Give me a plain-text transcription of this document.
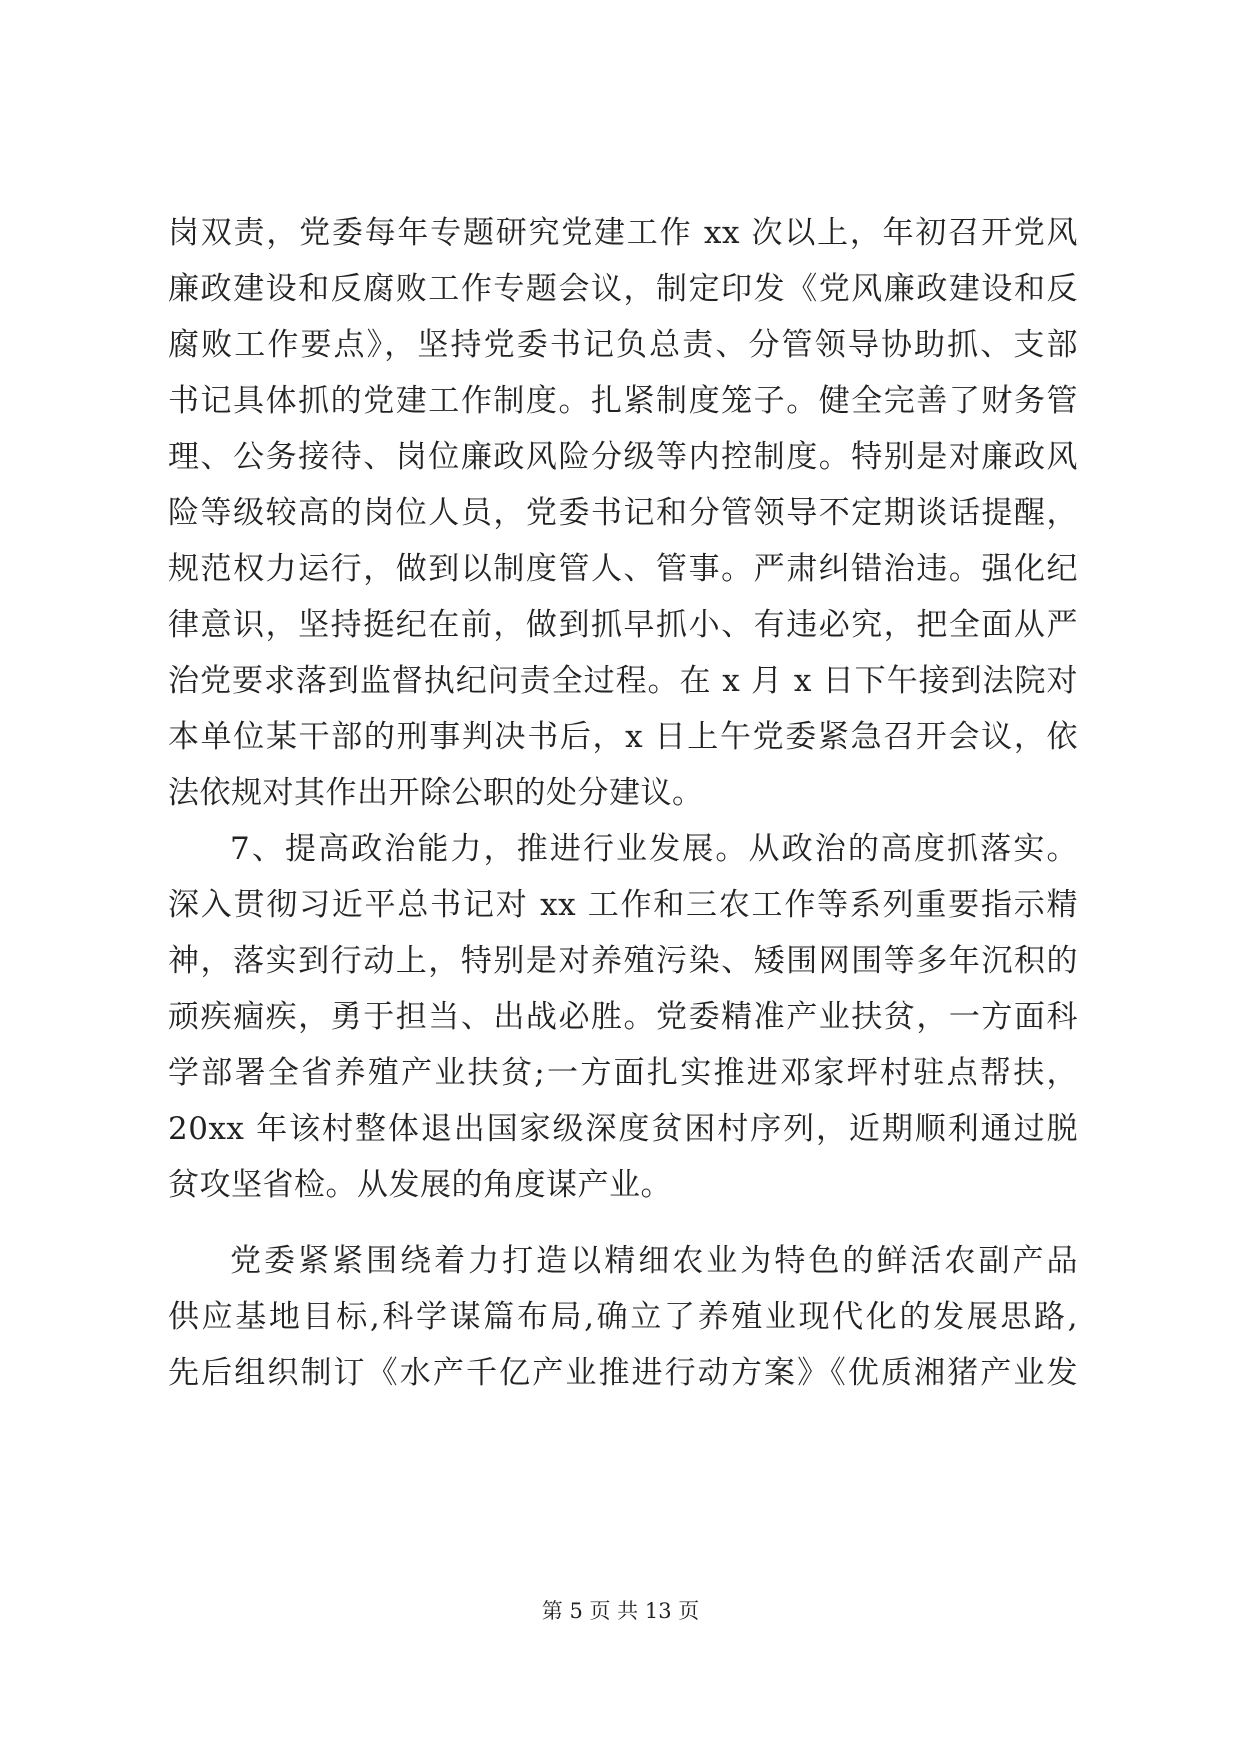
岗双责，党委每年专题研究党建工作 xx 次以上，年初召开党风
廉政建设和反腐败工作专题会议，制定印发《党风廉政建设和反
腐败工作要点》，坚持党委书记负总责、分管领导协助抓、支部
书记具体抓的党建工作制度。扎紧制度笼子。健全完善了财务管
理、公务接待、岗位廉政风险分级等内控制度。特别是对廉政风
险等级较高的岗位人员，党委书记和分管领导不定期谈话提醒，
规范权力运行，做到以制度管人、管事。严肃纠错治违。强化纪
律意识，坚持挺纪在前，做到抓早抓小、有违必究，把全面从严
治党要求落到监督执纪问责全过程。在 x 月 x 日下午接到法院对
本单位某干部的刑事判决书后，x 日上午党委紧急召开会议，依
法依规对其作出开除公职的处分建议。
7、提高政治能力，推进行业发展。从政治的高度抓落实。
深入贯彻习近平总书记对 xx 工作和三农工作等系列重要指示精
神，落实到行动上，特别是对养殖污染、矮围网围等多年沉积的
顽疾痼疾，勇于担当、出战必胜。党委精准产业扶贫，一方面科
学部署全省养殖产业扶贫;一方面扎实推进邓家坪村驻点帮扶，
20xx 年该村整体退出国家级深度贫困村序列，近期顺利通过脱
贫攻坚省检。从发展的角度谋产业。
党委紧紧围绕着力打造以精细农业为特色的鲜活农副产品
供应基地目标,科学谋篇布局,确立了养殖业现代化的发展思路,
先后组织制订《水产千亿产业推进行动方案》《优质湘猪产业发
第 5 页 共 13 页
